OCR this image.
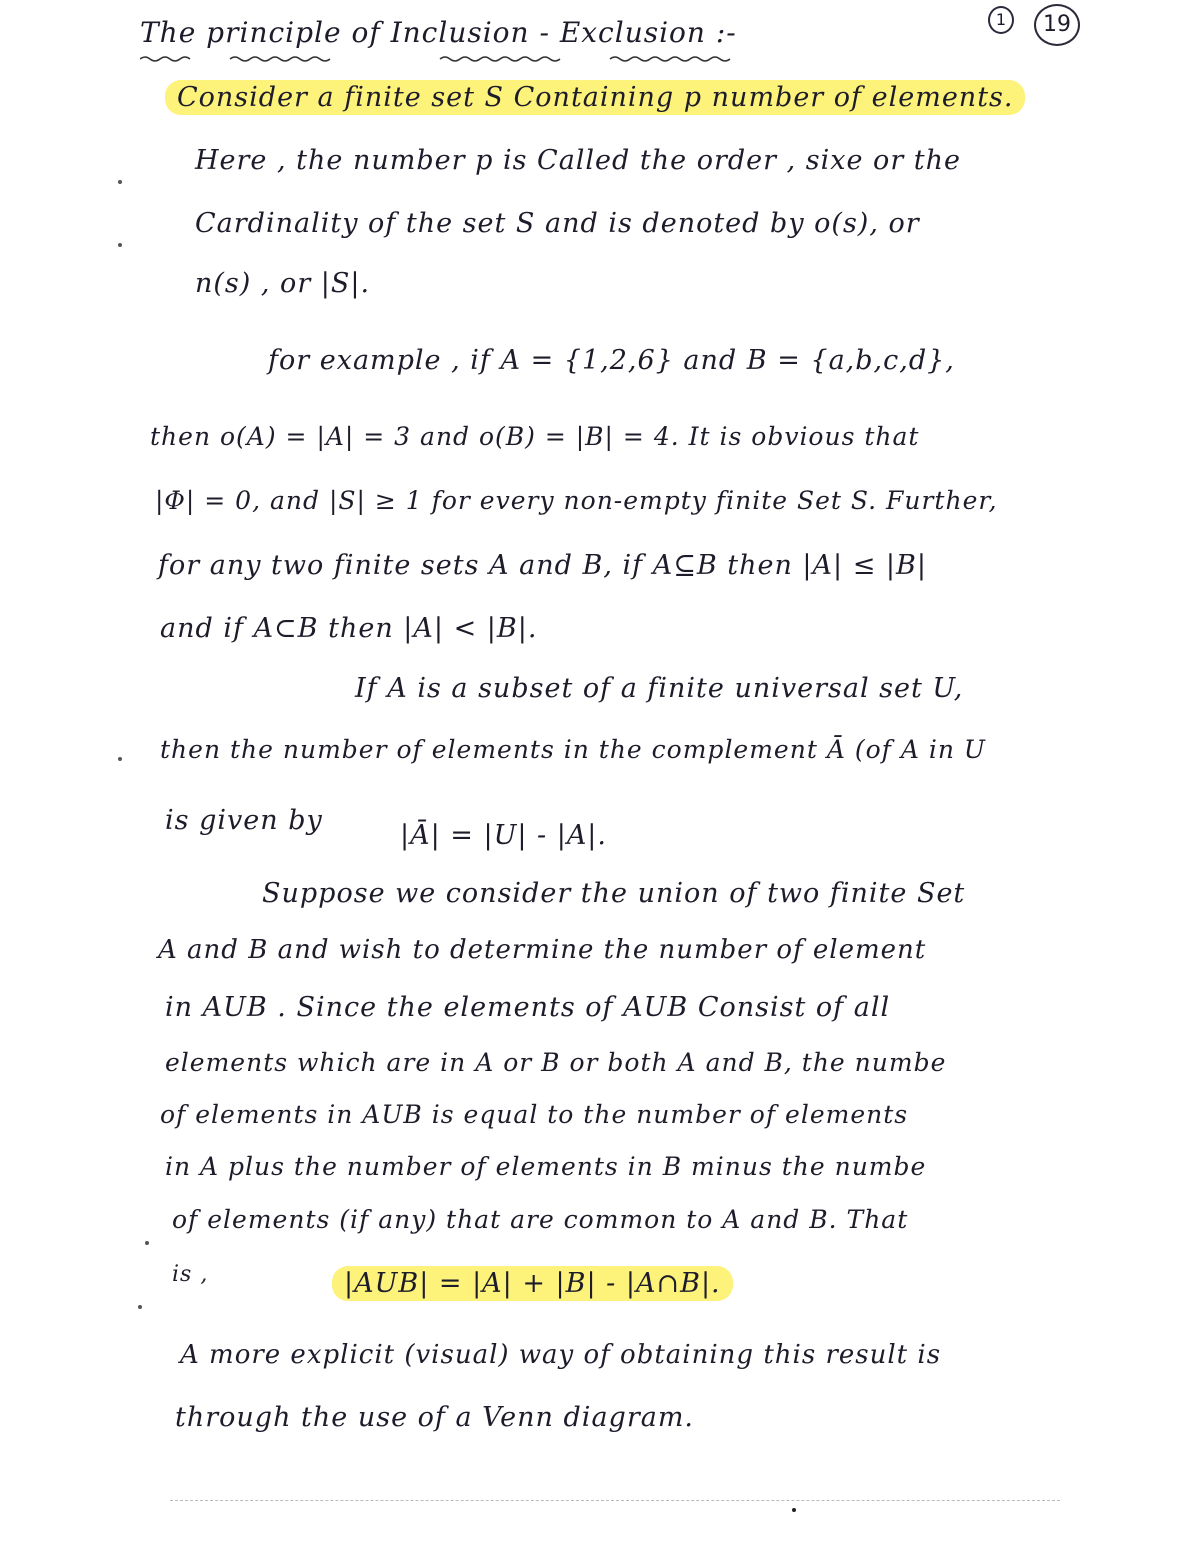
1	19
The principle of Inclusion - Exclusion :-
Consider a finite set S Containing p number of elements.
Here , the number p is Called the order , sixe or the
Cardinality of the set S and is denoted by o(s), or
n(s) , or |S|.
for example , if A = {1,2,6} and B = {a,b,c,d},
then o(A) = |A| = 3 and o(B) = |B| = 4. It is obvious that
|Φ| = 0, and |S| ≥ 1 for every non-empty finite Set S. Further,
for any two finite sets A and B, if A⊆B then |A| ≤ |B|
and if A⊂B then |A| < |B|.
If A is a subset of a finite universal set U,
then the number of elements in the complement Ā (of A in U
is given by	|Ā| = |U| - |A|.
Suppose we consider the union of two finite Set
A and B and wish to determine the number of element
in AUB . Since the elements of AUB Consist of all
elements which are in A or B or both A and B, the numbe
of elements in AUB is equal to the number of elements
in A plus the number of elements in B minus the numbe
of elements (if any) that are common to A and B. That
is ,	|AUB| = |A| + |B| - |A∩B|.
A more explicit (visual) way of obtaining this result is
through the use of a Venn diagram.
